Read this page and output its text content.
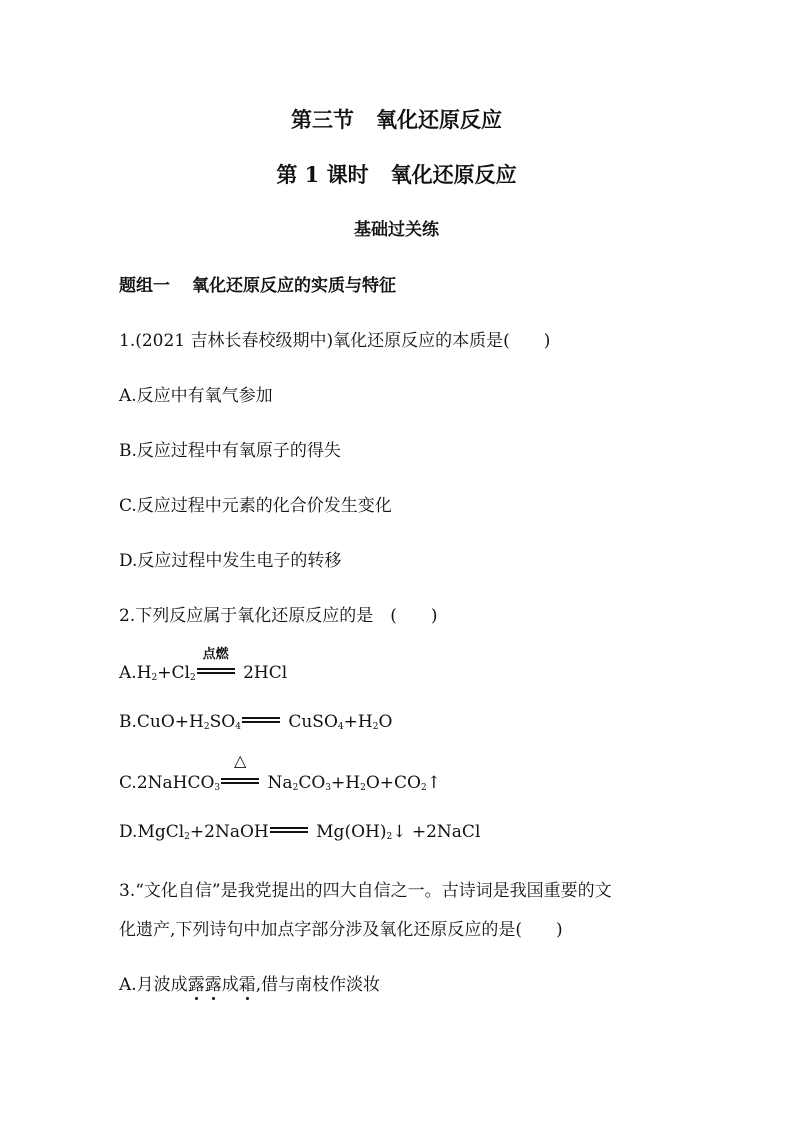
第三节 氧化还原反应
第 1 课时 氧化还原反应
基础过关练
题组一 氧化还原反应的实质与特征
1.(2021 吉林长春校级期中)氧化还原反应的本质是(　　)
A.反应中有氧气参加
B.反应过程中有氧原子的得失
C.反应过程中元素的化合价发生变化
D.反应过程中发生电子的转移
2.下列反应属于氧化还原反应的是　(　　)
$A.H_2+Cl_2$
点燃
2HCl
$B.CuO+H_2SO_4$ $CuSO_4+H_2O$
C.2NaHCO$_3$
△
$Na_2CO_3+H_2O+CO_2↑$
D.MgCl$_2$+2NaOH $Mg(OH)_2↓$ +2NaCl
3.“文化自信”是我党提出的四大自信之一。古诗词是我国重要的文
化遗产,下列诗句中加点字部分涉及氧化还原反应的是(　　)
A.月波成露露成霜,借与南枝作淡妆
